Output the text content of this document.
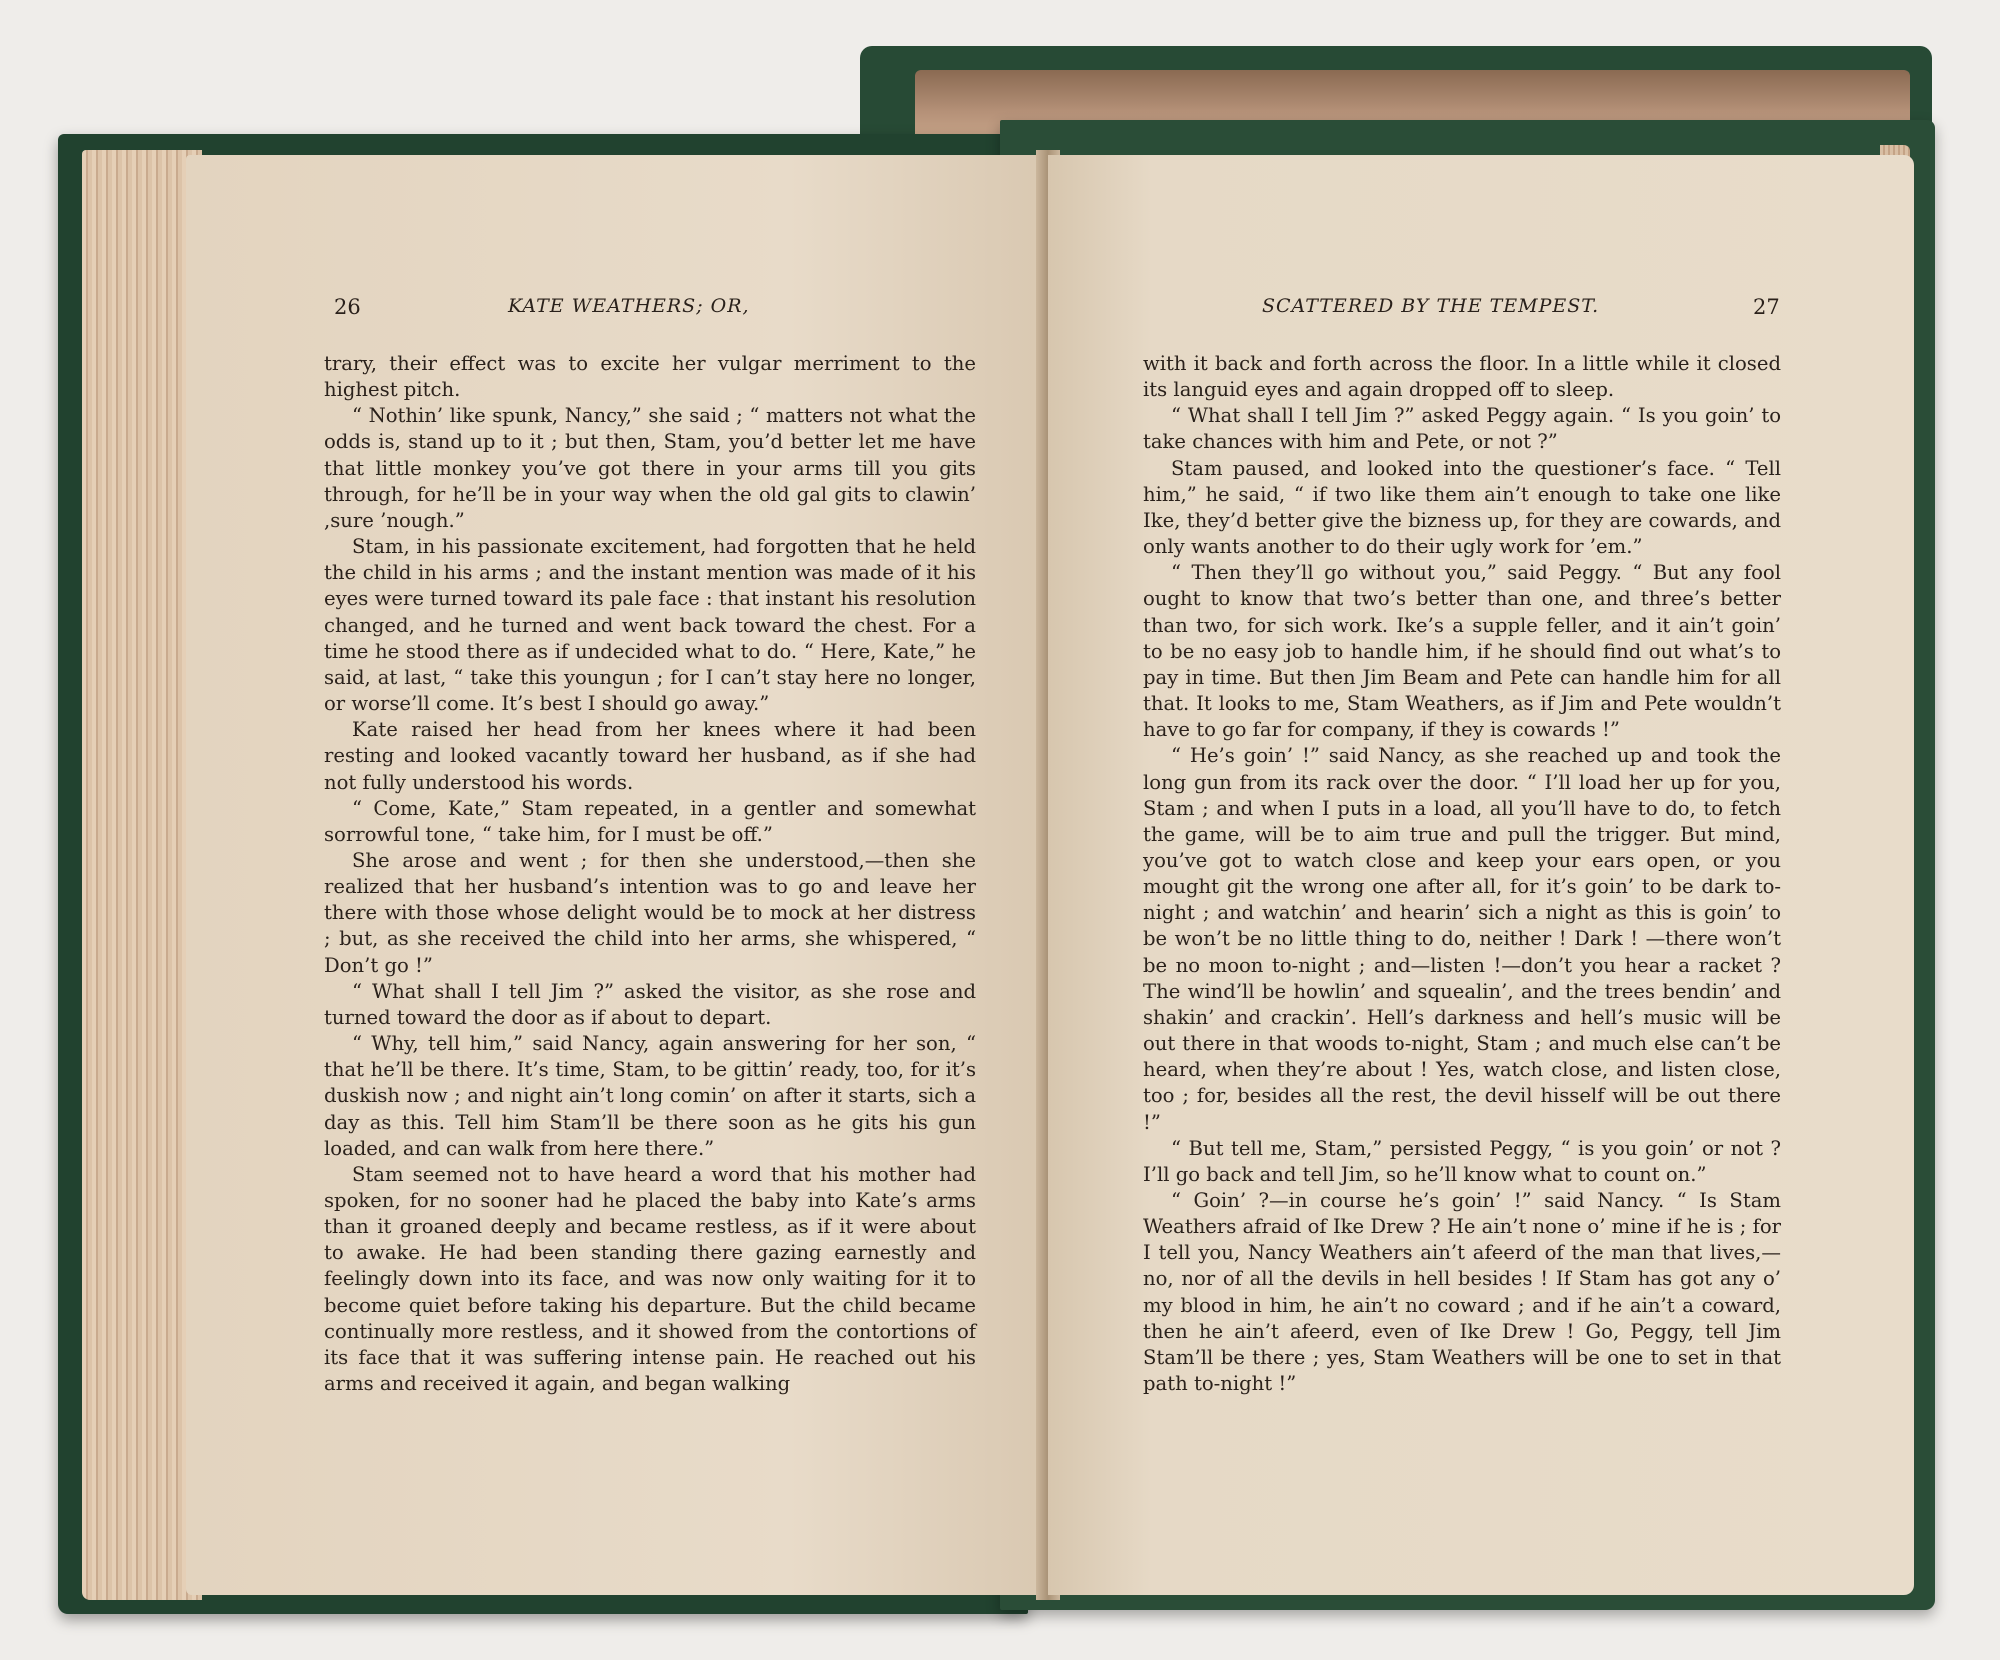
26	KATE WEATHERS; OR,

trary, their effect was to excite her vulgar merriment to the highest pitch.

“ Nothin’ like spunk, Nancy,” she said ; “ matters not what the odds is, stand up to it ; but then, Stam, you’d better let me have that little monkey you’ve got there in your arms till you gits through, for he’ll be in your way when the old gal gits to clawin’ ,sure ’nough.”

Stam, in his passionate excitement, had forgotten that he held the child in his arms ; and the instant mention was made of it his eyes were turned toward its pale face : that instant his resolution changed, and he turned and went back toward the chest. For a time he stood there as if undecided what to do. “ Here, Kate,” he said, at last, “ take this youngun ; for I can’t stay here no longer, or worse’ll come. It’s best I should go away.”

Kate raised her head from her knees where it had been resting and looked vacantly toward her husband, as if she had not fully understood his words.

“ Come, Kate,” Stam repeated, in a gentler and somewhat sorrowful tone, “ take him, for I must be off.”

She arose and went ; for then she understood,—then she realized that her husband’s intention was to go and leave her there with those whose delight would be to mock at her distress ; but, as she received the child into her arms, she whispered, “ Don’t go !”

“ What shall I tell Jim ?” asked the visitor, as she rose and turned toward the door as if about to depart.

“ Why, tell him,” said Nancy, again answering for her son, “ that he’ll be there. It’s time, Stam, to be gittin’ ready, too, for it’s duskish now ; and night ain’t long comin’ on after it starts, sich a day as this. Tell him Stam’ll be there soon as he gits his gun loaded, and can walk from here there.”

Stam seemed not to have heard a word that his mother had spoken, for no sooner had he placed the baby into Kate’s arms than it groaned deeply and became restless, as if it were about to awake. He had been standing there gazing earnestly and feelingly down into its face, and was now only waiting for it to become quiet before taking his departure. But the child became continually more restless, and it showed from the contortions of its face that it was suffering intense pain. He reached out his arms and received it again, and began walking

SCATTERED BY THE TEMPEST.	27

with it back and forth across the floor. In a little while it closed its languid eyes and again dropped off to sleep.

“ What shall I tell Jim ?” asked Peggy again. “ Is you goin’ to take chances with him and Pete, or not ?”

Stam paused, and looked into the questioner’s face. “ Tell him,” he said, “ if two like them ain’t enough to take one like Ike, they’d better give the bizness up, for they are cowards, and only wants another to do their ugly work for ’em.”

“ Then they’ll go without you,” said Peggy. “ But any fool ought to know that two’s better than one, and three’s better than two, for sich work. Ike’s a supple feller, and it ain’t goin’ to be no easy job to handle him, if he should find out what’s to pay in time. But then Jim Beam and Pete can handle him for all that. It looks to me, Stam Weathers, as if Jim and Pete wouldn’t have to go far for company, if they is cowards !”

“ He’s goin’ !” said Nancy, as she reached up and took the long gun from its rack over the door. “ I’ll load her up for you, Stam ; and when I puts in a load, all you’ll have to do, to fetch the game, will be to aim true and pull the trigger. But mind, you’ve got to watch close and keep your ears open, or you mought git the wrong one after all, for it’s goin’ to be dark to-night ; and watchin’ and hearin’ sich a night as this is goin’ to be won’t be no little thing to do, neither ! Dark ! —there won’t be no moon to-night ; and—listen !—don’t you hear a racket ? The wind’ll be howlin’ and squealin’, and the trees bendin’ and shakin’ and crackin’. Hell’s darkness and hell’s music will be out there in that woods to-night, Stam ; and much else can’t be heard, when they’re about ! Yes, watch close, and listen close, too ; for, besides all the rest, the devil hisself will be out there !”

“ But tell me, Stam,” persisted Peggy, “ is you goin’ or not ? I’ll go back and tell Jim, so he’ll know what to count on.”

“ Goin’ ?—in course he’s goin’ !” said Nancy. “ Is Stam Weathers afraid of Ike Drew ? He ain’t none o’ mine if he is ; for I tell you, Nancy Weathers ain’t afeerd of the man that lives,—no, nor of all the devils in hell besides ! If Stam has got any o’ my blood in him, he ain’t no coward ; and if he ain’t a coward, then he ain’t afeerd, even of Ike Drew ! Go, Peggy, tell Jim Stam’ll be there ; yes, Stam Weathers will be one to set in that path to-night !”
